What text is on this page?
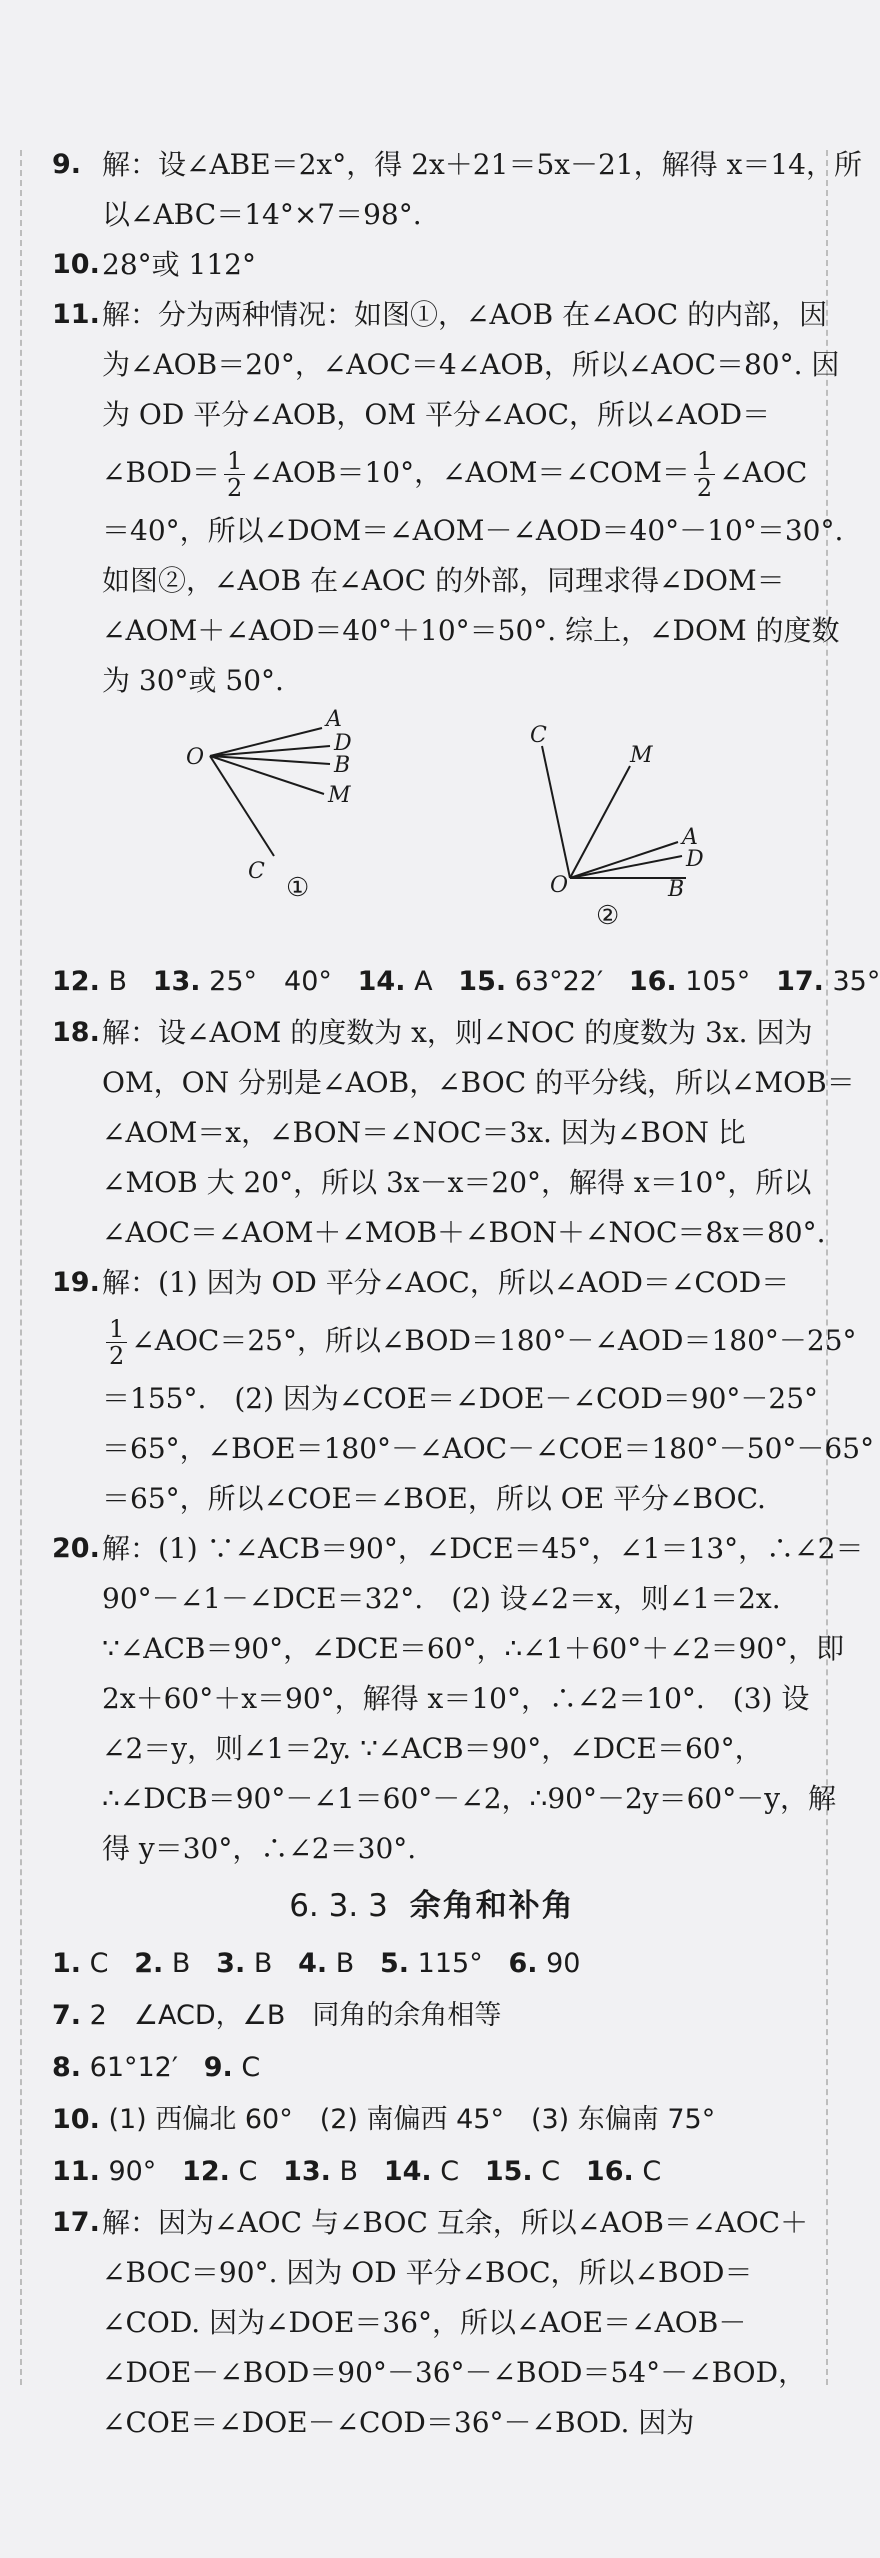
9. 解：设∠ABE＝2x°，得 2x＋21＝5x－21，解得 x＝14，所
以∠ABC＝14°×7＝98°.
10. 28°或 112°
11. 解：分为两种情况：如图①，∠AOB 在∠AOC 的内部，因
为∠AOB＝20°，∠AOC＝4∠AOB，所以∠AOC＝80°. 因
为 OD 平分∠AOB，OM 平分∠AOC，所以∠AOD＝
∠BOD＝ $\frac{1}{2}$ ∠AOB＝10°，∠AOM＝∠COM＝ $\frac{1}{2}$ ∠AOC
＝40°，所以∠DOM＝∠AOM－∠AOD＝40°－10°＝30°.
如图②，∠AOB 在∠AOC 的外部，同理求得∠DOM＝
∠AOM＋∠AOD＝40°＋10°＝50°. 综上，∠DOM 的度数
为 30°或 50°.
O
A
D
B
M
C
①
C
M
A
D
O	B
②
12. B 13. 25°　40° 14. A 15. 63°22′ 16. 105° 17. 35°
18. 解：设∠AOM 的度数为 x，则∠NOC 的度数为 3x. 因为
OM，ON 分别是∠AOB，∠BOC 的平分线，所以∠MOB＝
∠AOM＝x，∠BON＝∠NOC＝3x. 因为∠BON 比
∠MOB 大 20°，所以 3x－x＝20°，解得 x＝10°，所以
∠AOC＝∠AOM＋∠MOB＋∠BON＋∠NOC＝8x＝80°.
19. 解：(1) 因为 OD 平分∠AOC，所以∠AOD＝∠COD＝
$\frac{1}{2}$ ∠AOC＝25°，所以∠BOD＝180°－∠AOD＝180°－25°
＝155°.　(2) 因为∠COE＝∠DOE－∠COD＝90°－25°
＝65°，∠BOE＝180°－∠AOC－∠COE＝180°－50°－65°
＝65°，所以∠COE＝∠BOE，所以 OE 平分∠BOC.
20. 解：(1) ∵∠ACB＝90°，∠DCE＝45°，∠1＝13°，∴∠2＝
90°－∠1－∠DCE＝32°.　(2) 设∠2＝x，则∠1＝2x.
∵∠ACB＝90°，∠DCE＝60°，∴∠1＋60°＋∠2＝90°，即
2x＋60°＋x＝90°，解得 x＝10°，∴∠2＝10°.　(3) 设
∠2＝y，则∠1＝2y. ∵∠ACB＝90°，∠DCE＝60°，
∴∠DCB＝90°－∠1＝60°－∠2，∴90°－2y＝60°－y，解
得 y＝30°，∴∠2＝30°.
6. 3. 3 余角和补角
1. C 2. B 3. B 4. B 5. 115° 6. 90
7. 2　∠ACD，∠B　同角的余角相等
8. 61°12′ 9. C
10. (1) 西偏北 60°　(2) 南偏西 45°　(3) 东偏南 75°
11. 90° 12. C 13. B 14. C 15. C 16. C
17. 解：因为∠AOC 与∠BOC 互余，所以∠AOB＝∠AOC＋
∠BOC＝90°. 因为 OD 平分∠BOC，所以∠BOD＝
∠COD. 因为∠DOE＝36°，所以∠AOE＝∠AOB－
∠DOE－∠BOD＝90°－36°－∠BOD＝54°－∠BOD，
∠COE＝∠DOE－∠COD＝36°－∠BOD. 因为
